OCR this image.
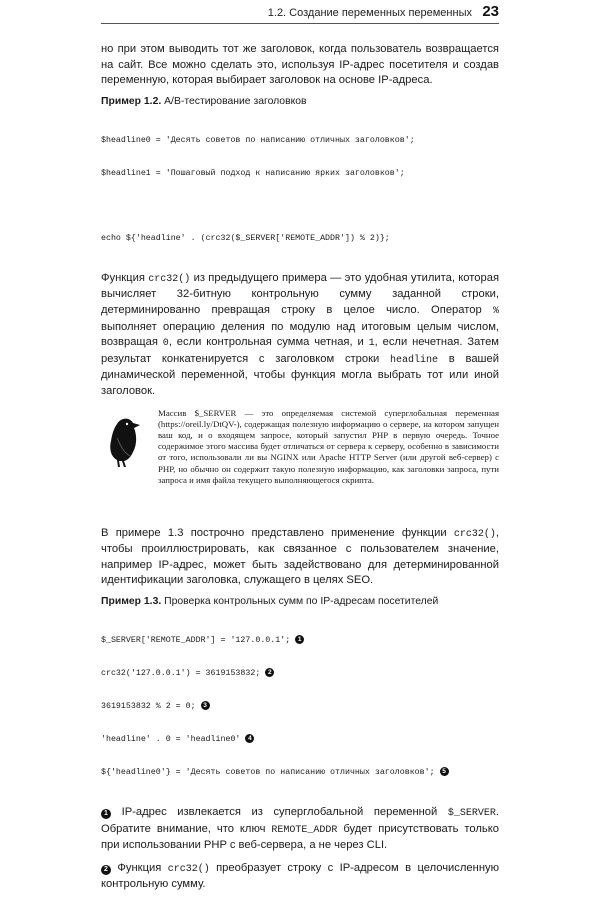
1.2. Создание переменных переменных 23

но при этом выводить тот же заголовок, когда пользователь возвращается на сайт. Все можно сделать это, используя IP-адрес посетителя и создав переменную, которая выбирает заголовок на основе IP-адреса.

Пример 1.2. А/В-тестирование заголовков

$headline0 = 'Десять советов по написанию отличных заголовков';

$headline1 = 'Пошаговый подход к написанию ярких заголовков';

echo ${'headline' . (crc32($_SERVER['REMOTE_ADDR']) % 2)};

Функция crc32() из предыдущего примера — это удобная утилита, которая вычисляет 32-битную контрольную сумму заданной строки, детерминированно превращая строку в целое число. Оператор % выполняет операцию деления по модулю над итоговым целым числом, возвращая 0, если контрольная сумма четная, и 1, если нечетная. Затем результат конкатенируется с заголовком строки headline в вашей динамической переменной, чтобы функция могла выбрать тот или иной заголовок.

Массив $_SERVER — это определяемая системой суперглобальная переменная (https://oreil.ly/DtQV-), содержащая полезную информацию о сервере, на котором запущен ваш код, и о входящем запросе, который запустил PHP в первую очередь. Точное содержимое этого массива будет отличаться от сервера к серверу, особенно в зависимости от того, использовали ли вы NGINX или Apache HTTP Server (или другой веб-сервер) с PHP, но обычно он содержит такую полезную информацию, как заголовки запроса, пути запроса и имя файла текущего выполняющегося скрипта.

В примере 1.3 построчно представлено применение функции crc32(), чтобы проиллюстрировать, как связанное с пользователем значение, например IP-адрес, может быть задействовано для детерминированной идентификации заголовка, служащего в целях SEO.

Пример 1.3. Проверка контрольных сумм по IP-адресам посетителей

$_SERVER['REMOTE_ADDR'] = '127.0.0.1'; 1

crc32('127.0.0.1') = 3619153832; 2

3619153832 % 2 = 0; 3

'headline' . 0 = 'headline0' 4

${'headline0'} = 'Десять советов по написанию отличных заголовков'; 5

1 IP-адрес извлекается из суперглобальной переменной $_SERVER. Обратите внимание, что ключ REMOTE_ADDR будет присутствовать только при использовании PHP с веб-сервера, а не через CLI.

2 Функция crc32() преобразует строку с IP-адресом в целочисленную контрольную сумму.
